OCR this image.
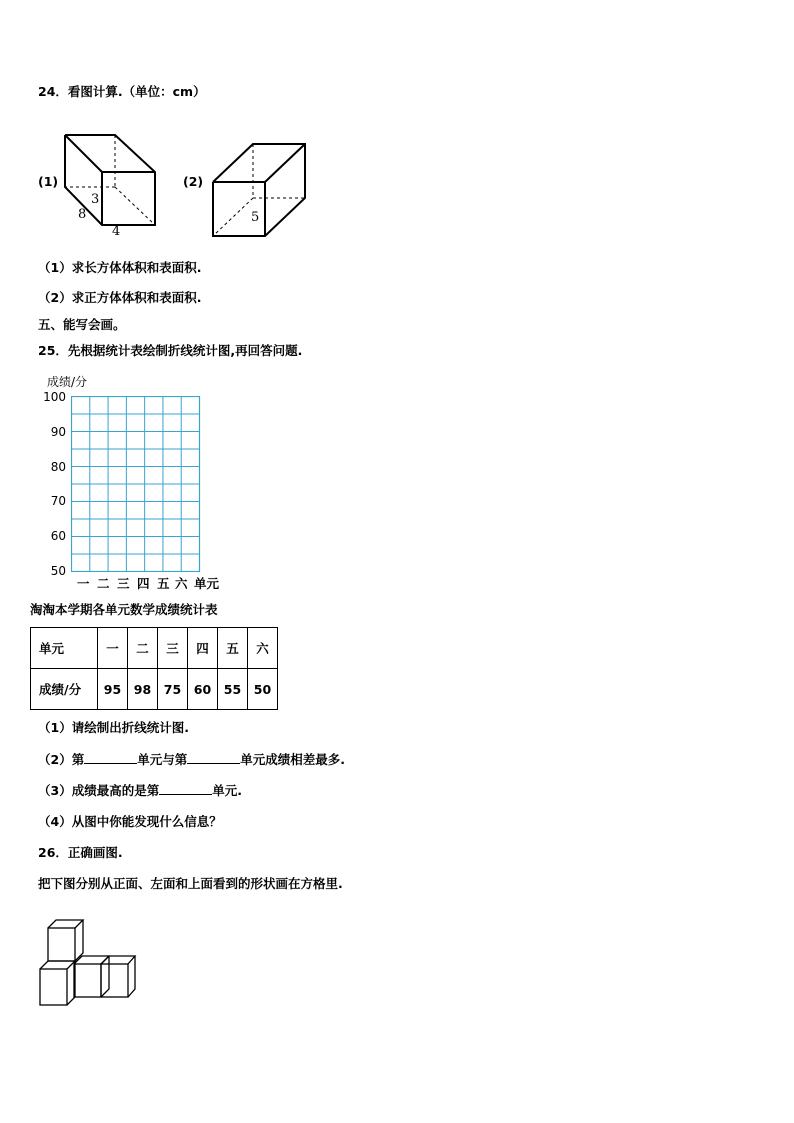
24．看图计算.（单位：cm）
(1)	(2)
3
8
4
5
（1）求长方体体积和表面积.
（2）求正方体体积和表面积.
五、能写会画。
25．先根据统计表绘制折线统计图,再回答问题.
成绩/分
100
90
80
70
60
50
一 二 三 四 五 六 单元
淘淘本学期各单元数学成绩统计表
单元	一	二	三	四	五	六
成绩/分	95	98	75	60	55	50
（1）请绘制出折线统计图.
（2）第	单元与第	单元成绩相差最多.
（3）成绩最高的是第	单元.
（4）从图中你能发现什么信息？
26．正确画图.
把下图分别从正面、左面和上面看到的形状画在方格里.
